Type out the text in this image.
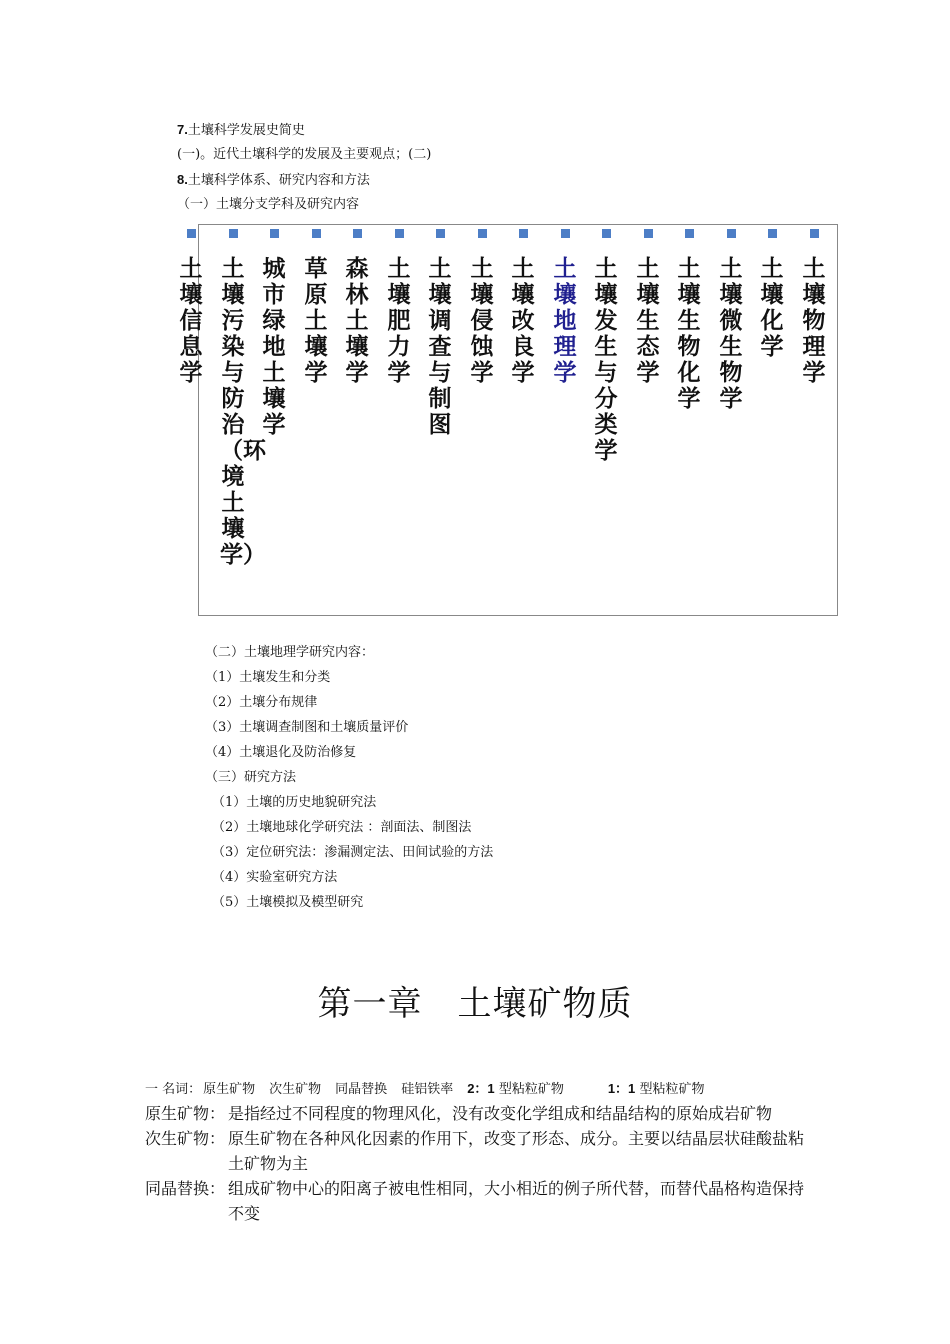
7.土壤科学发展史简史
(一)。近代土壤科学的发展及主要观点；(二)
8.土壤科学体系、研究内容和方法
（一）土壤分支学科及研究内容
土壤信息学
土壤污染与防治（环境土壤学）
城市绿地土壤学
草原土壤学
森林土壤学
土壤肥力学
土壤调查与制图
土壤侵蚀学
土壤改良学
土壤地理学
土壤发生与分类学
土壤生态学
土壤生物化学
土壤微生物学
土壤化学
土壤物理学
（二）土壤地理学研究内容：
（1）土壤发生和分类
（2）土壤分布规律
（3）土壤调查制图和土壤质量评价
（4）土壤退化及防治修复
（三）研究方法
（1）土壤的历史地貌研究法
（2）土壤地球化学研究法 ：剖面法、制图法
（3）定位研究法：渗漏测定法、田间试验的方法
（4）实验室研究方法
（5）土壤模拟及模型研究
第一章　土壤矿物质
一 名词： 原生矿物 次生矿物 同晶替换 硅铝铁率 2：1 型粘粒矿物	1：1 型粘粒矿物
原生矿物： 是指经过不同程度的物理风化，没有改变化学组成和结晶结构的原始成岩矿物
次生矿物： 原生矿物在各种风化因素的作用下，改变了形态、成分。主要以结晶层状硅酸盐粘土矿物为主
同晶替换： 组成矿物中心的阳离子被电性相同，大小相近的例子所代替，而替代晶格构造保持不变
